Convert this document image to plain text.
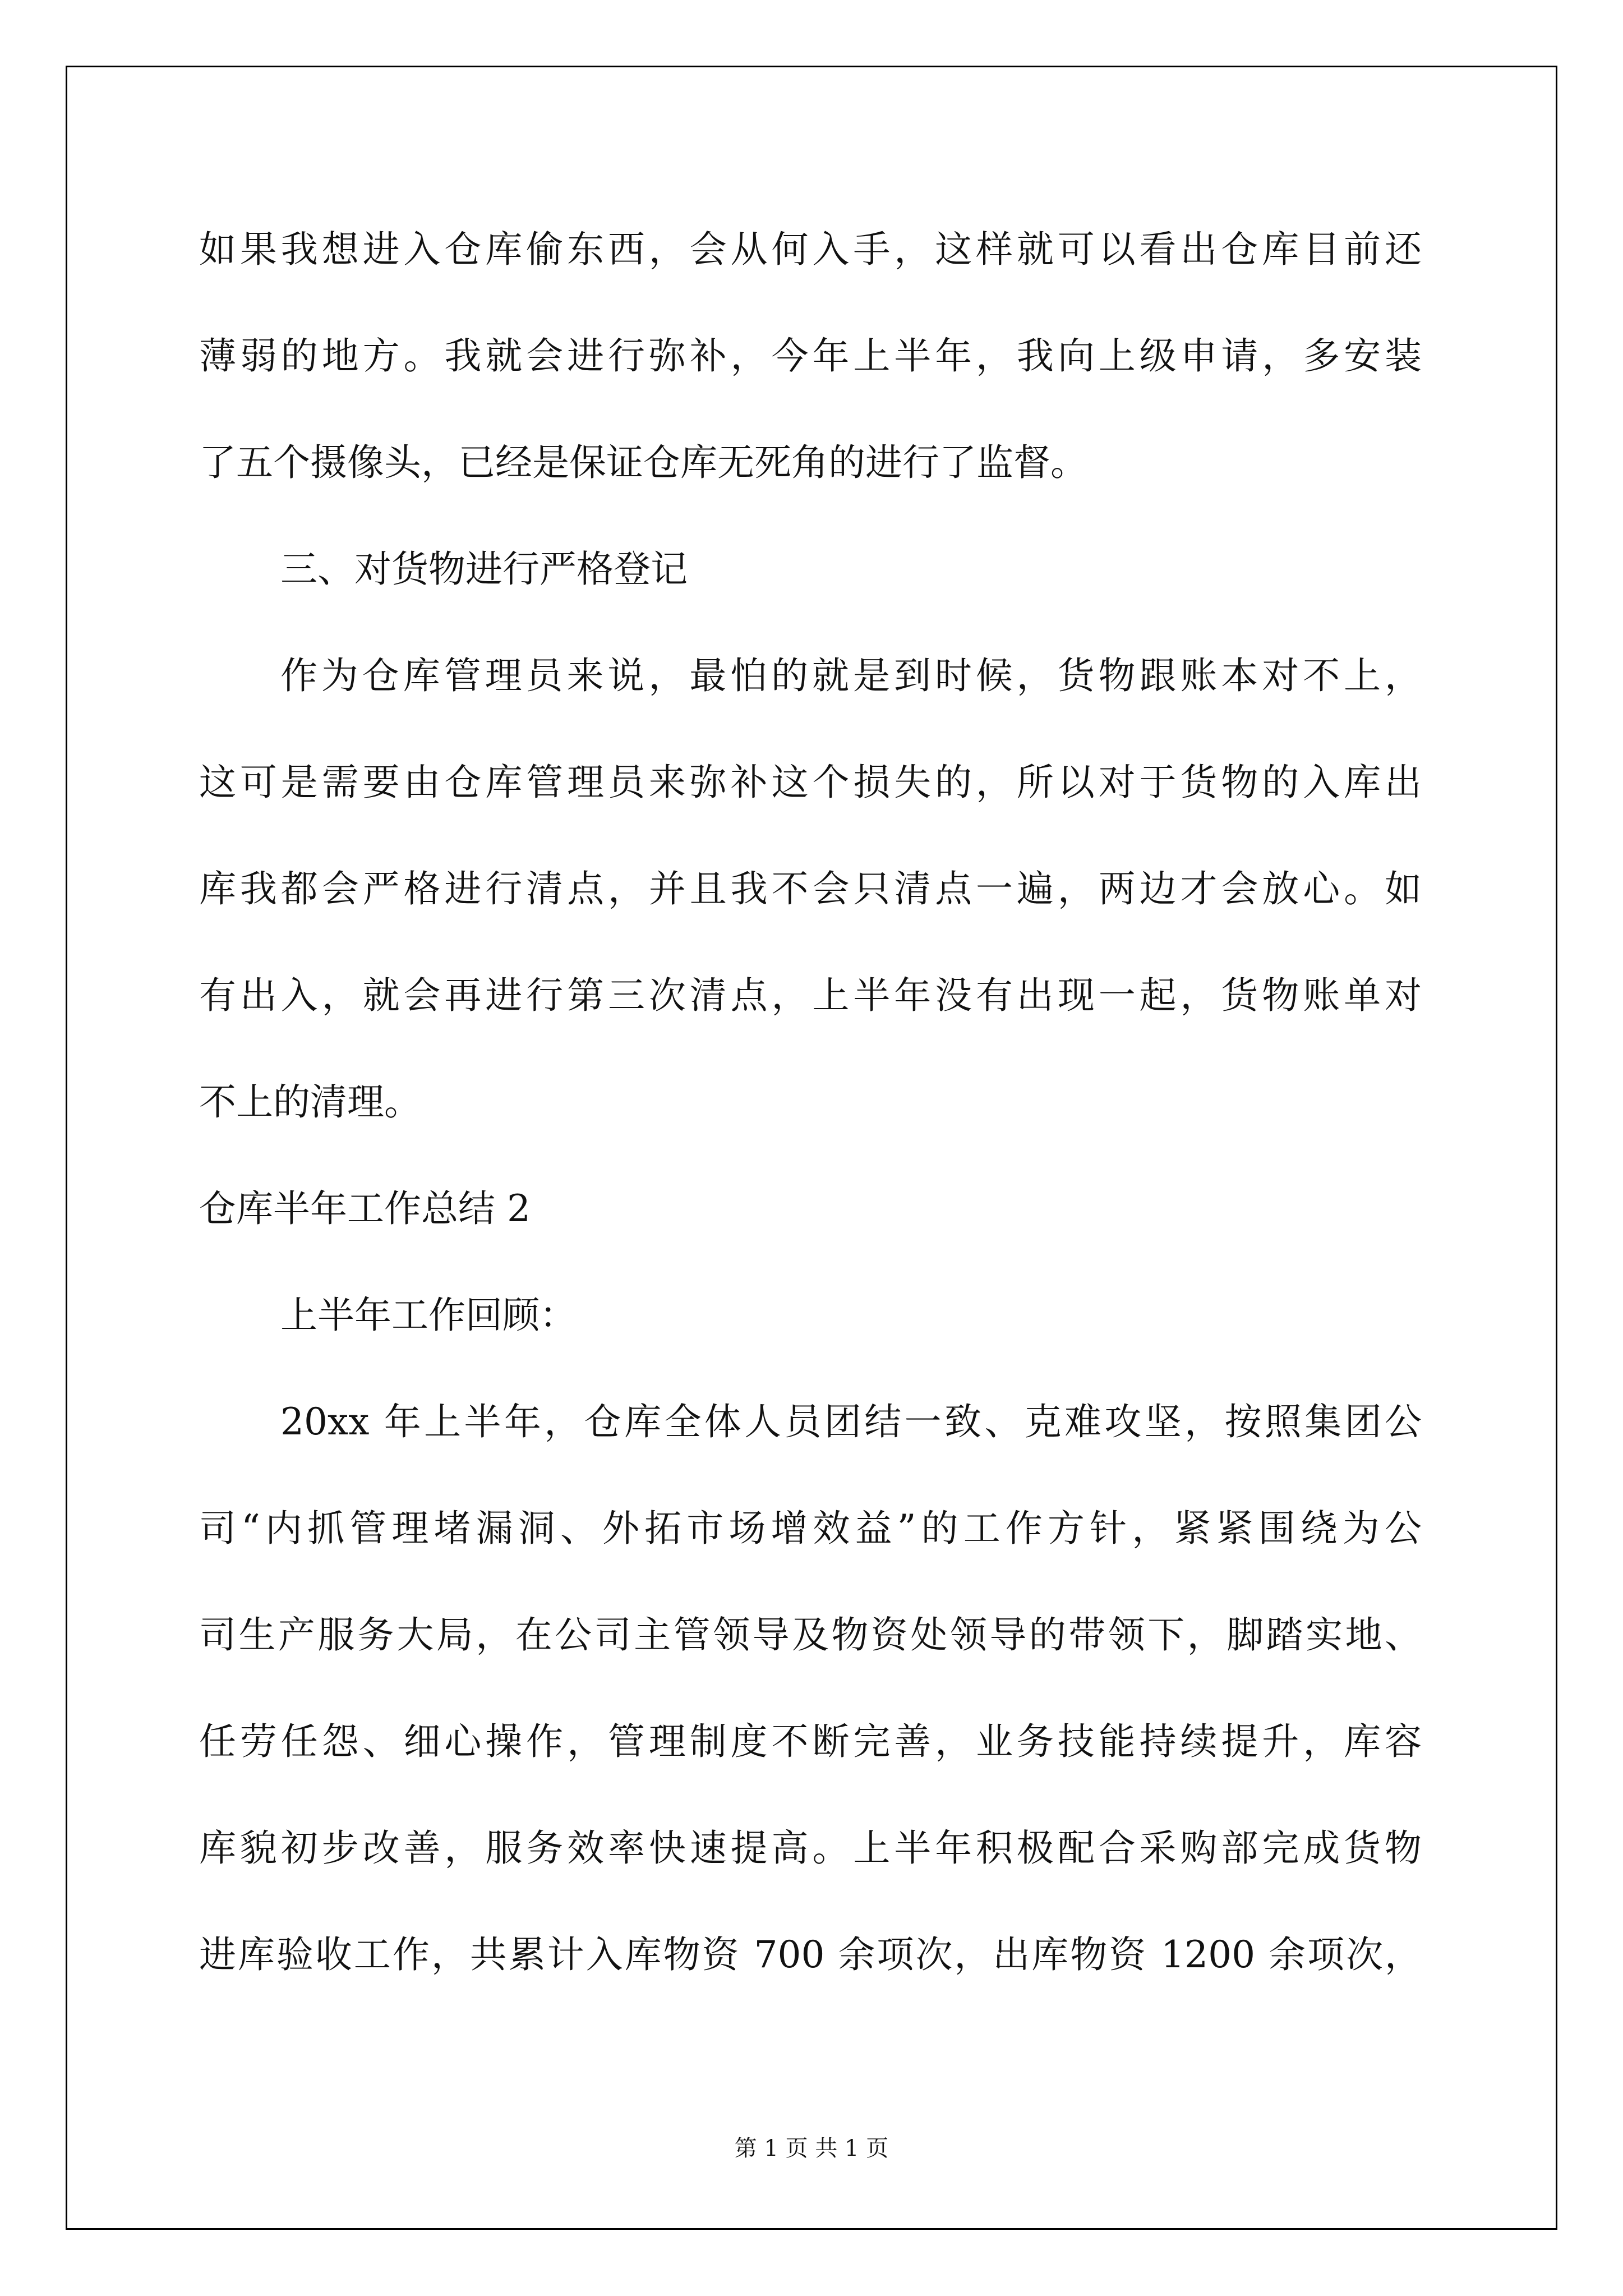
如果我想进入仓库偷东西，会从何入手，这样就可以看出仓库目前还

薄弱的地方。我就会进行弥补，今年上半年，我向上级申请，多安装

了五个摄像头，已经是保证仓库无死角的进行了监督。

三、对货物进行严格登记

作为仓库管理员来说，最怕的就是到时候，货物跟账本对不上，

这可是需要由仓库管理员来弥补这个损失的，所以对于货物的入库出

库我都会严格进行清点，并且我不会只清点一遍，两边才会放心。如

有出入，就会再进行第三次清点，上半年没有出现一起，货物账单对

不上的清理。

仓库半年工作总结 2

上半年工作回顾：

20xx 年上半年，仓库全体人员团结一致、克难攻坚，按照集团公

司“内抓管理堵漏洞、外拓市场增效益”的工作方针，紧紧围绕为公

司生产服务大局，在公司主管领导及物资处领导的带领下，脚踏实地、

任劳任怨、细心操作，管理制度不断完善，业务技能持续提升，库容

库貌初步改善，服务效率快速提高。上半年积极配合采购部完成货物

进库验收工作，共累计入库物资 700 余项次，出库物资 1200 余项次，

第 1 页 共 1 页
